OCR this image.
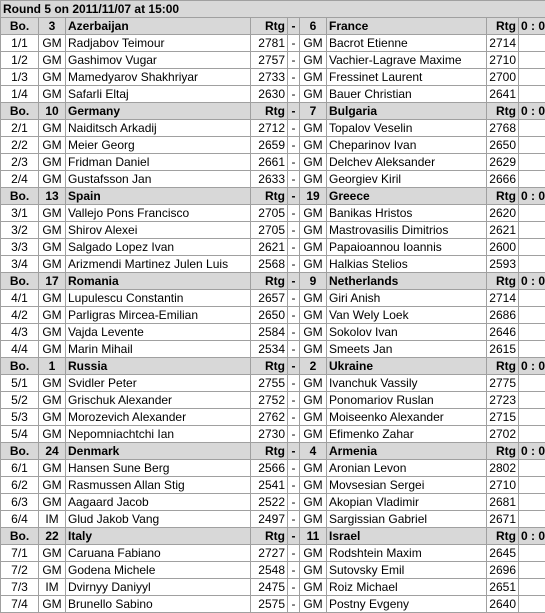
Round 5 on 2011/11/07 at 15:00								
Bo.	3	Azerbaijan	Rtg	-	6	France	Rtg	0 : 0
1/1	GM	Radjabov Teimour	2781	-	GM	Bacrot Etienne	2714	
1/2	GM	Gashimov Vugar	2757	-	GM	Vachier-Lagrave Maxime	2710	
1/3	GM	Mamedyarov Shakhriyar	2733	-	GM	Fressinet Laurent	2700	
1/4	GM	Safarli Eltaj	2630	-	GM	Bauer Christian	2641	
Bo.	10	Germany	Rtg	-	7	Bulgaria	Rtg	0 : 0
2/1	GM	Naiditsch Arkadij	2712	-	GM	Topalov Veselin	2768	
2/2	GM	Meier Georg	2659	-	GM	Cheparinov Ivan	2650	
2/3	GM	Fridman Daniel	2661	-	GM	Delchev Aleksander	2629	
2/4	GM	Gustafsson Jan	2633	-	GM	Georgiev Kiril	2666	
Bo.	13	Spain	Rtg	-	19	Greece	Rtg	0 : 0
3/1	GM	Vallejo Pons Francisco	2705	-	GM	Banikas Hristos	2620	
3/2	GM	Shirov Alexei	2705	-	GM	Mastrovasilis Dimitrios	2621	
3/3	GM	Salgado Lopez Ivan	2621	-	GM	Papaioannou Ioannis	2600	
3/4	GM	Arizmendi Martinez Julen Luis	2568	-	GM	Halkias Stelios	2593	
Bo.	17	Romania	Rtg	-	9	Netherlands	Rtg	0 : 0
4/1	GM	Lupulescu Constantin	2657	-	GM	Giri Anish	2714	
4/2	GM	Parligras Mircea-Emilian	2650	-	GM	Van Wely Loek	2686	
4/3	GM	Vajda Levente	2584	-	GM	Sokolov Ivan	2646	
4/4	GM	Marin Mihail	2534	-	GM	Smeets Jan	2615	
Bo.	1	Russia	Rtg	-	2	Ukraine	Rtg	0 : 0
5/1	GM	Svidler Peter	2755	-	GM	Ivanchuk Vassily	2775	
5/2	GM	Grischuk Alexander	2752	-	GM	Ponomariov Ruslan	2723	
5/3	GM	Morozevich Alexander	2762	-	GM	Moiseenko Alexander	2715	
5/4	GM	Nepomniachtchi Ian	2730	-	GM	Efimenko Zahar	2702	
Bo.	24	Denmark	Rtg	-	4	Armenia	Rtg	0 : 0
6/1	GM	Hansen Sune Berg	2566	-	GM	Aronian Levon	2802	
6/2	GM	Rasmussen Allan Stig	2541	-	GM	Movsesian Sergei	2710	
6/3	GM	Aagaard Jacob	2522	-	GM	Akopian Vladimir	2681	
6/4	IM	Glud Jakob Vang	2497	-	GM	Sargissian Gabriel	2671	
Bo.	22	Italy	Rtg	-	11	Israel	Rtg	0 : 0
7/1	GM	Caruana Fabiano	2727	-	GM	Rodshtein Maxim	2645	
7/2	GM	Godena Michele	2548	-	GM	Sutovsky Emil	2696	
7/3	IM	Dvirnyy Daniyyl	2475	-	GM	Roiz Michael	2651	
7/4	GM	Brunello Sabino	2575	-	GM	Postny Evgeny	2640	
